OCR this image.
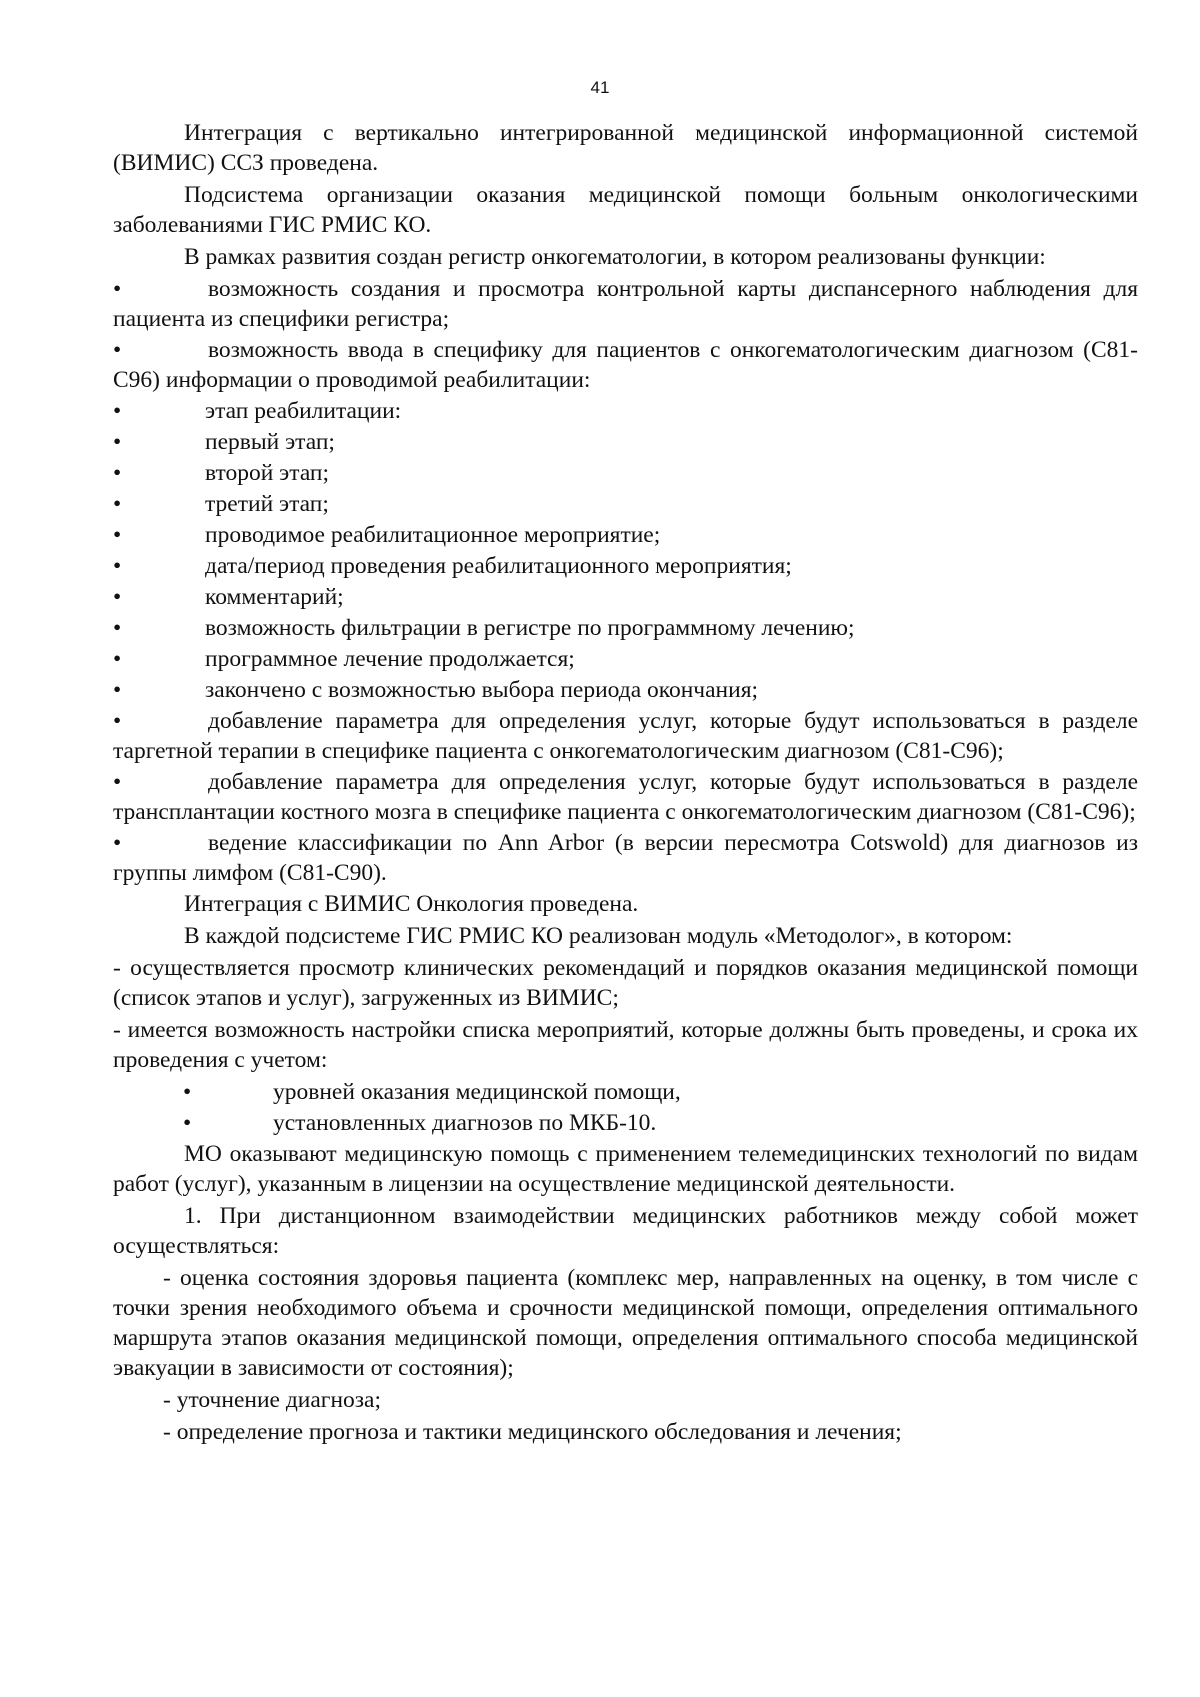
41

Интеграция с вертикально интегрированной медицинской информационной системой (ВИМИС) ССЗ проведена.

Подсистема организации оказания медицинской помощи больным онкологическими заболеваниями ГИС РМИС КО.

В рамках развития создан регистр онкогематологии, в котором реализованы функции:

•	возможность создания и просмотра контрольной карты диспансерного наблюдения для пациента из специфики регистра;
•	возможность ввода в специфику для пациентов с онкогематологическим диагнозом (С81-С96) информации о проводимой реабилитации:
•	этап реабилитации:
•	первый этап;
•	второй этап;
•	третий этап;
•	проводимое реабилитационное мероприятие;
•	дата/период проведения реабилитационного мероприятия;
•	комментарий;
•	возможность фильтрации в регистре по программному лечению;
•	программное лечение продолжается;
•	закончено с возможностью выбора периода окончания;
•	добавление параметра для определения услуг, которые будут использоваться в разделе таргетной терапии в специфике пациента с онкогематологическим диагнозом (С81-С96);
•	добавление параметра для определения услуг, которые будут использоваться в разделе трансплантации костного мозга в специфике пациента с онкогематологическим диагнозом (С81-С96);
•	ведение классификации по Ann Arbor (в версии пересмотра Cotswold) для диагнозов из группы лимфом (С81-С90).

Интеграция с ВИМИС Онкология проведена.

В каждой подсистеме ГИС РМИС КО реализован модуль «Методолог», в котором:

- осуществляется просмотр клинических рекомендаций и порядков оказания медицинской помощи (список этапов и услуг), загруженных из ВИМИС;

- имеется возможность настройки списка мероприятий, которые должны быть проведены, и срока их проведения с учетом:

•	уровней оказания медицинской помощи,
•	установленных диагнозов по МКБ-10.

МО оказывают медицинскую помощь с применением телемедицинских технологий по видам работ (услуг), указанным в лицензии на осуществление медицинской деятельности.

1. При дистанционном взаимодействии медицинских работников между собой может осуществляться:

- оценка состояния здоровья пациента (комплекс мер, направленных на оценку, в том числе с точки зрения необходимого объема и срочности медицинской помощи, определения оптимального маршрута этапов оказания медицинской помощи, определения оптимального способа медицинской эвакуации в зависимости от состояния);

- уточнение диагноза;

- определение прогноза и тактики медицинского обследования и лечения;
